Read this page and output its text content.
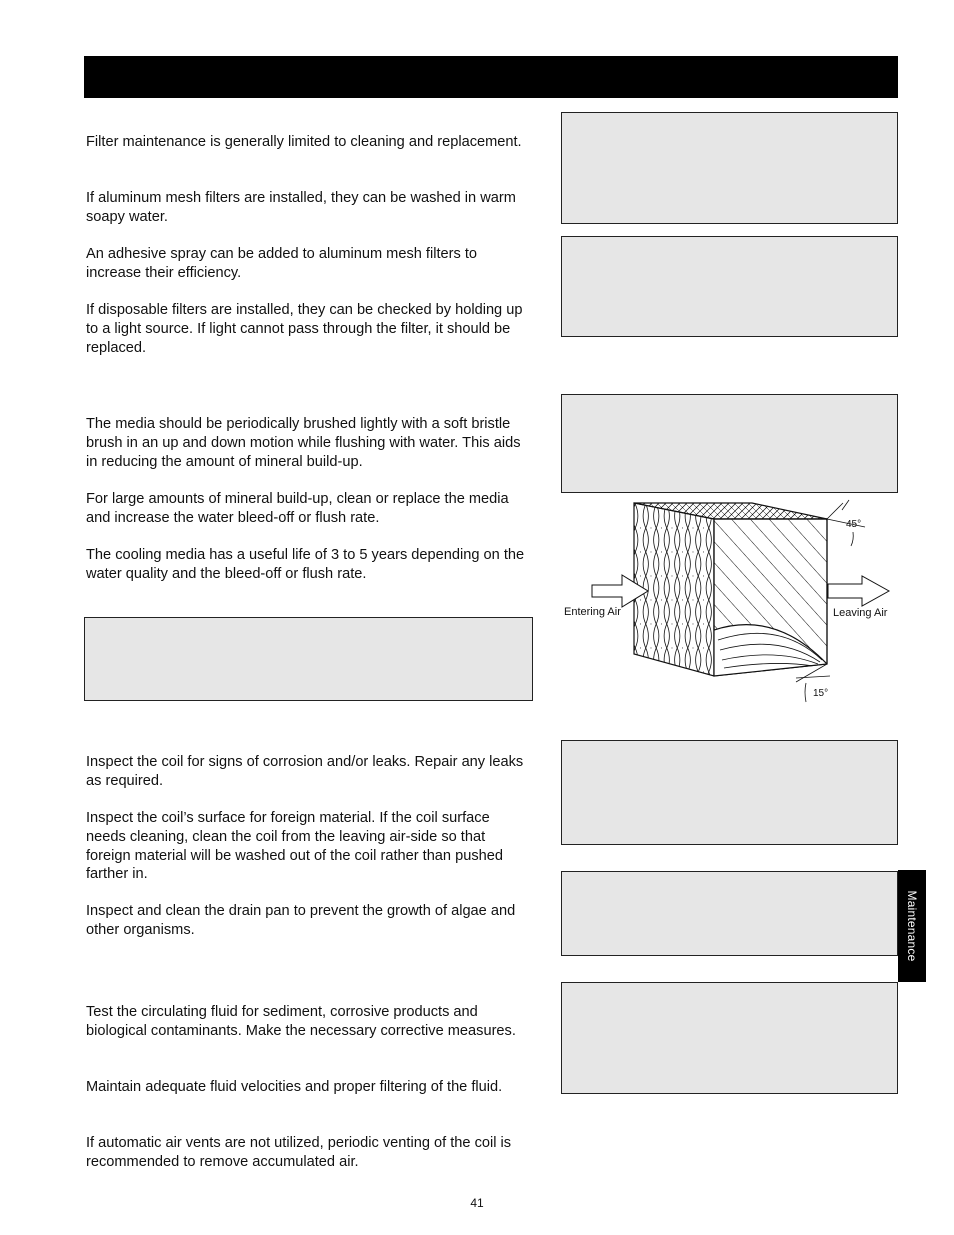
Filter maintenance is generally limited to cleaning and replacement.

If aluminum mesh filters are installed, they can be washed in warm soapy water.

An adhesive spray can be added to aluminum mesh filters to increase their efficiency.

If disposable filters are installed, they can be checked by holding up to a light source. If light cannot pass through the filter, it should be replaced.

The media should be periodically brushed lightly with a soft bristle brush in an up and down motion while flushing with water. This aids in reducing the amount of mineral build-up.

For large amounts of mineral build-up, clean or replace the media and increase the water bleed-off or flush rate.

The cooling media has a useful life of 3 to 5 years depending on the water quality and the bleed-off or flush rate.

Inspect the coil for signs of corrosion and/or leaks. Repair any leaks as required.

Inspect the coil’s surface for foreign material. If the coil surface needs cleaning, clean the coil from the leaving air-side so that foreign material will be washed out of the coil rather than pushed farther in.

Inspect and clean the drain pan to prevent the growth of algae and other organisms.

Test the circulating fluid for sediment, corrosive products and biological contaminants. Make the necessary corrective measures.

Maintain adequate fluid velocities and proper filtering of the fluid.

If automatic air vents are not utilized, periodic venting of the coil is recommended to remove accumulated air.

Entering Air	Leaving Air
45°
15°
Maintenance
41
